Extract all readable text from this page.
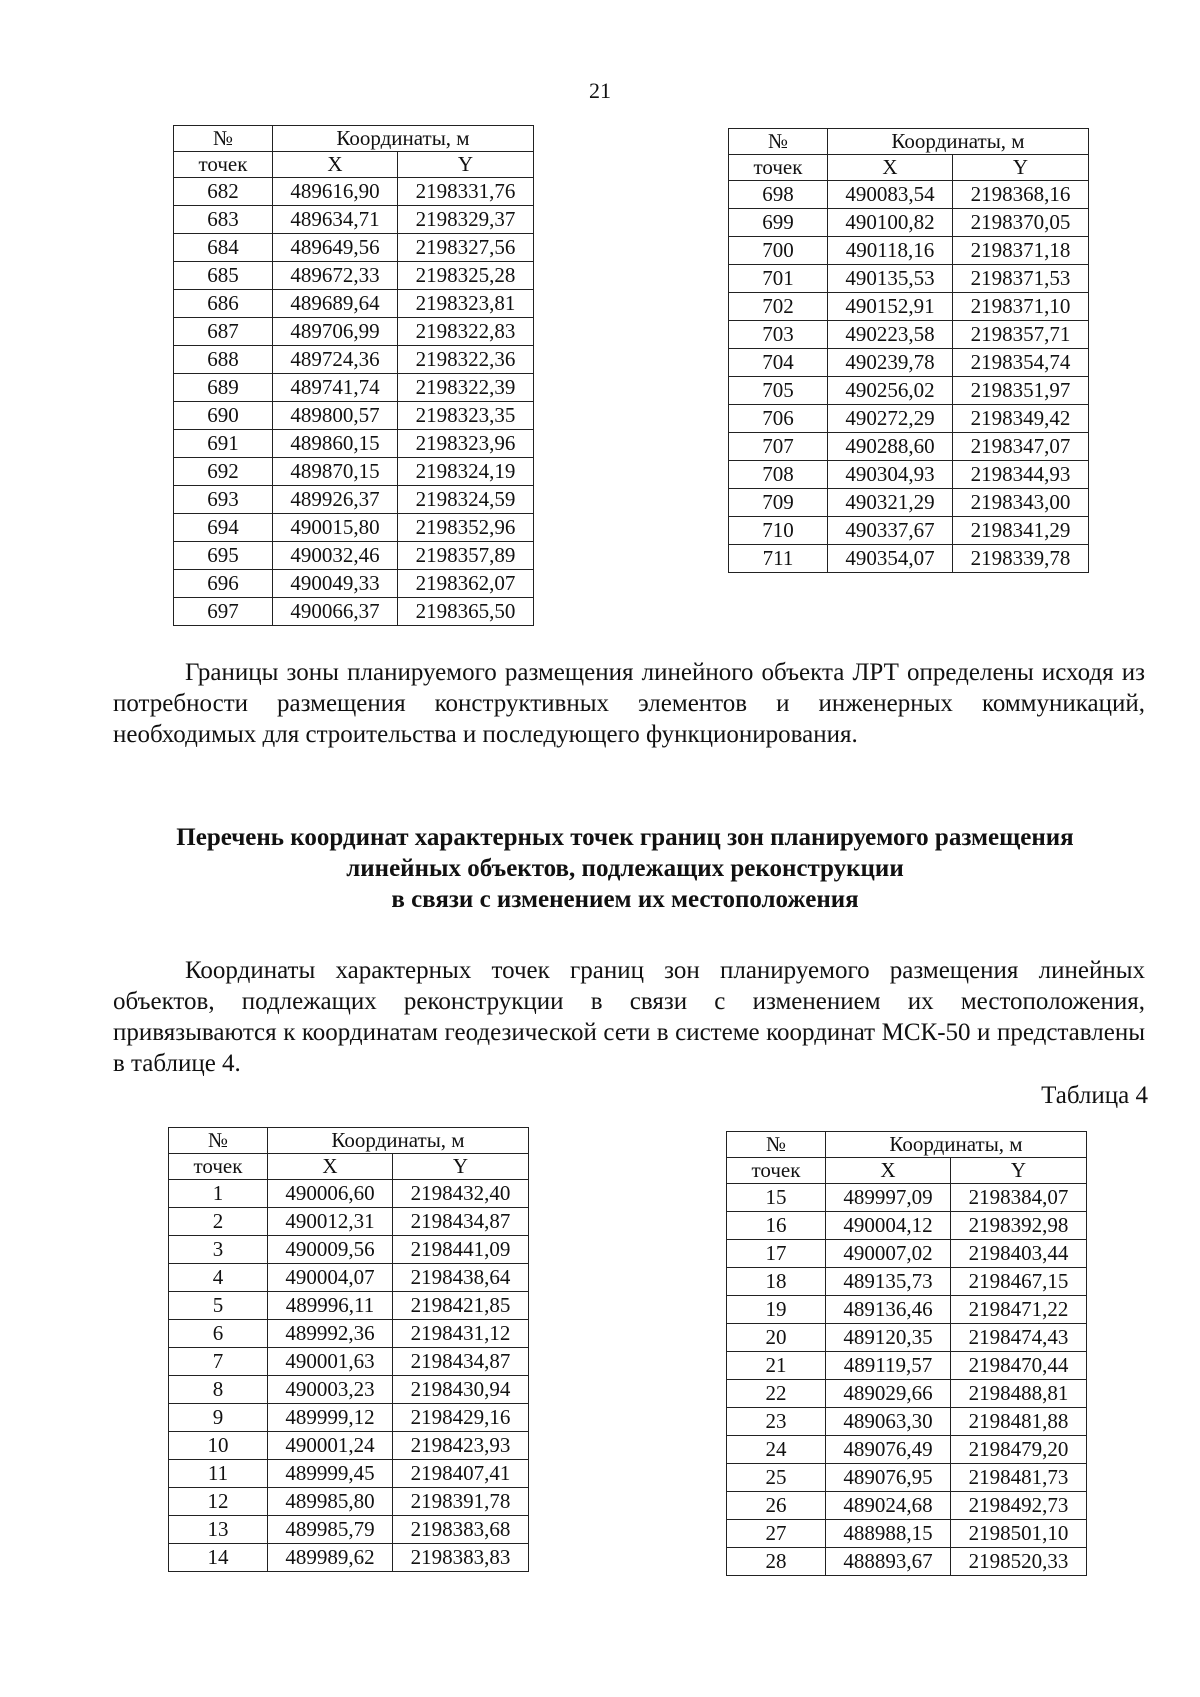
21
№	Координаты, м	
точек	X	Y
682	489616,90	2198331,76
683	489634,71	2198329,37
684	489649,56	2198327,56
685	489672,33	2198325,28
686	489689,64	2198323,81
687	489706,99	2198322,83
688	489724,36	2198322,36
689	489741,74	2198322,39
690	489800,57	2198323,35
691	489860,15	2198323,96
692	489870,15	2198324,19
693	489926,37	2198324,59
694	490015,80	2198352,96
695	490032,46	2198357,89
696	490049,33	2198362,07
697	490066,37	2198365,50
№	Координаты, м	
точек	X	Y
698	490083,54	2198368,16
699	490100,82	2198370,05
700	490118,16	2198371,18
701	490135,53	2198371,53
702	490152,91	2198371,10
703	490223,58	2198357,71
704	490239,78	2198354,74
705	490256,02	2198351,97
706	490272,29	2198349,42
707	490288,60	2198347,07
708	490304,93	2198344,93
709	490321,29	2198343,00
710	490337,67	2198341,29
711	490354,07	2198339,78
Границы зоны планируемого размещения линейного объекта ЛРТ определены исходя из потребности размещения конструктивных элементов и инженерных коммуникаций, необходимых для строительства и последующего функционирования.
Перечень координат характерных точек границ зон планируемого размещения
линейных объектов, подлежащих реконструкции
в связи с изменением их местоположения
Координаты характерных точек границ зон планируемого размещения линейных объектов, подлежащих реконструкции в связи с изменением их местоположения, привязываются к координатам геодезической сети в системе координат МСК-50 и представлены в таблице 4.
Таблица 4
№	Координаты, м	
точек	X	Y
1	490006,60	2198432,40
2	490012,31	2198434,87
3	490009,56	2198441,09
4	490004,07	2198438,64
5	489996,11	2198421,85
6	489992,36	2198431,12
7	490001,63	2198434,87
8	490003,23	2198430,94
9	489999,12	2198429,16
10	490001,24	2198423,93
11	489999,45	2198407,41
12	489985,80	2198391,78
13	489985,79	2198383,68
14	489989,62	2198383,83
№	Координаты, м	
точек	X	Y
15	489997,09	2198384,07
16	490004,12	2198392,98
17	490007,02	2198403,44
18	489135,73	2198467,15
19	489136,46	2198471,22
20	489120,35	2198474,43
21	489119,57	2198470,44
22	489029,66	2198488,81
23	489063,30	2198481,88
24	489076,49	2198479,20
25	489076,95	2198481,73
26	489024,68	2198492,73
27	488988,15	2198501,10
28	488893,67	2198520,33
